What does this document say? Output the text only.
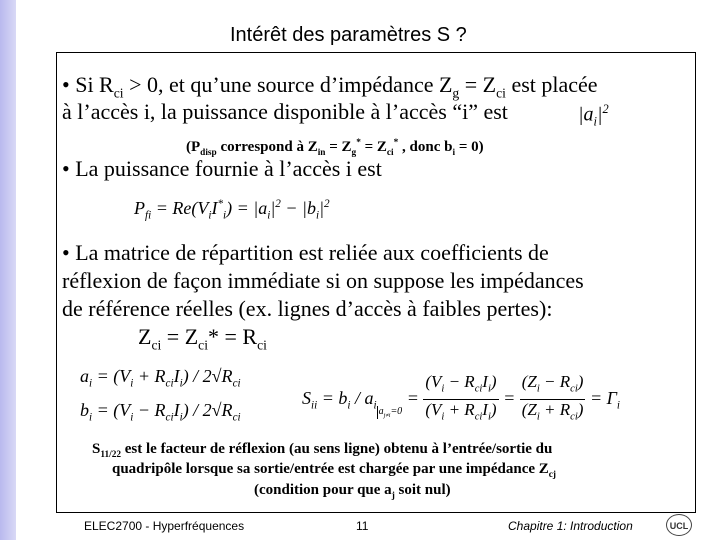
Intérêt des paramètres S ?
• Si $R_{ci} > 0$, et qu’une source d’impédance $Z_g = Z_{ci}$ est placée
à l’accès i, la puissance disponible à l’accès “i” est	$|a_i|^2$
($P_{disp}$ correspond à $Z_{in} = Z_g^* = Z_{ci}^*$ , donc $b_i = 0$)
• La puissance fournie à l’accès i est
$P_{fi} = Re(V_iI^*_i) = |a_i|^2 - |b_i|^2$
• La matrice de répartition est reliée aux coefficients de
réflexion de façon immédiate si on suppose les impédances
de référence réelles (ex. lignes d’accès à faibles pertes):
$Z_{ci} = Z_{ci}* = R_{ci}$
$a_i = (V_i + R_{ci}I_i) / 2√R_{ci}$
$b_i = (V_i - R_{ci}I_i) / 2√R_{ci}$
$S_{ii} = b_i / a_i$ $a_{j\ne i}=0 = \frac{(V_i - R_{ci}I_i)}{(V_i + R_{ci}I_i)} = \frac{(Z_i - R_{ci})}{(Z_i + R_{ci})} = \Gamma_i$
$S_{11/22}$ est le facteur de réflexion (au sens ligne) obtenu à l’entrée/sortie du
quadripôle lorsque sa sortie/entrée est chargée par une impédance $Z_{cj}$
(condition pour que $a_j$ soit nul)
ELEC2700 - Hyperfréquences	11	Chapitre 1: Introduction	UCL
